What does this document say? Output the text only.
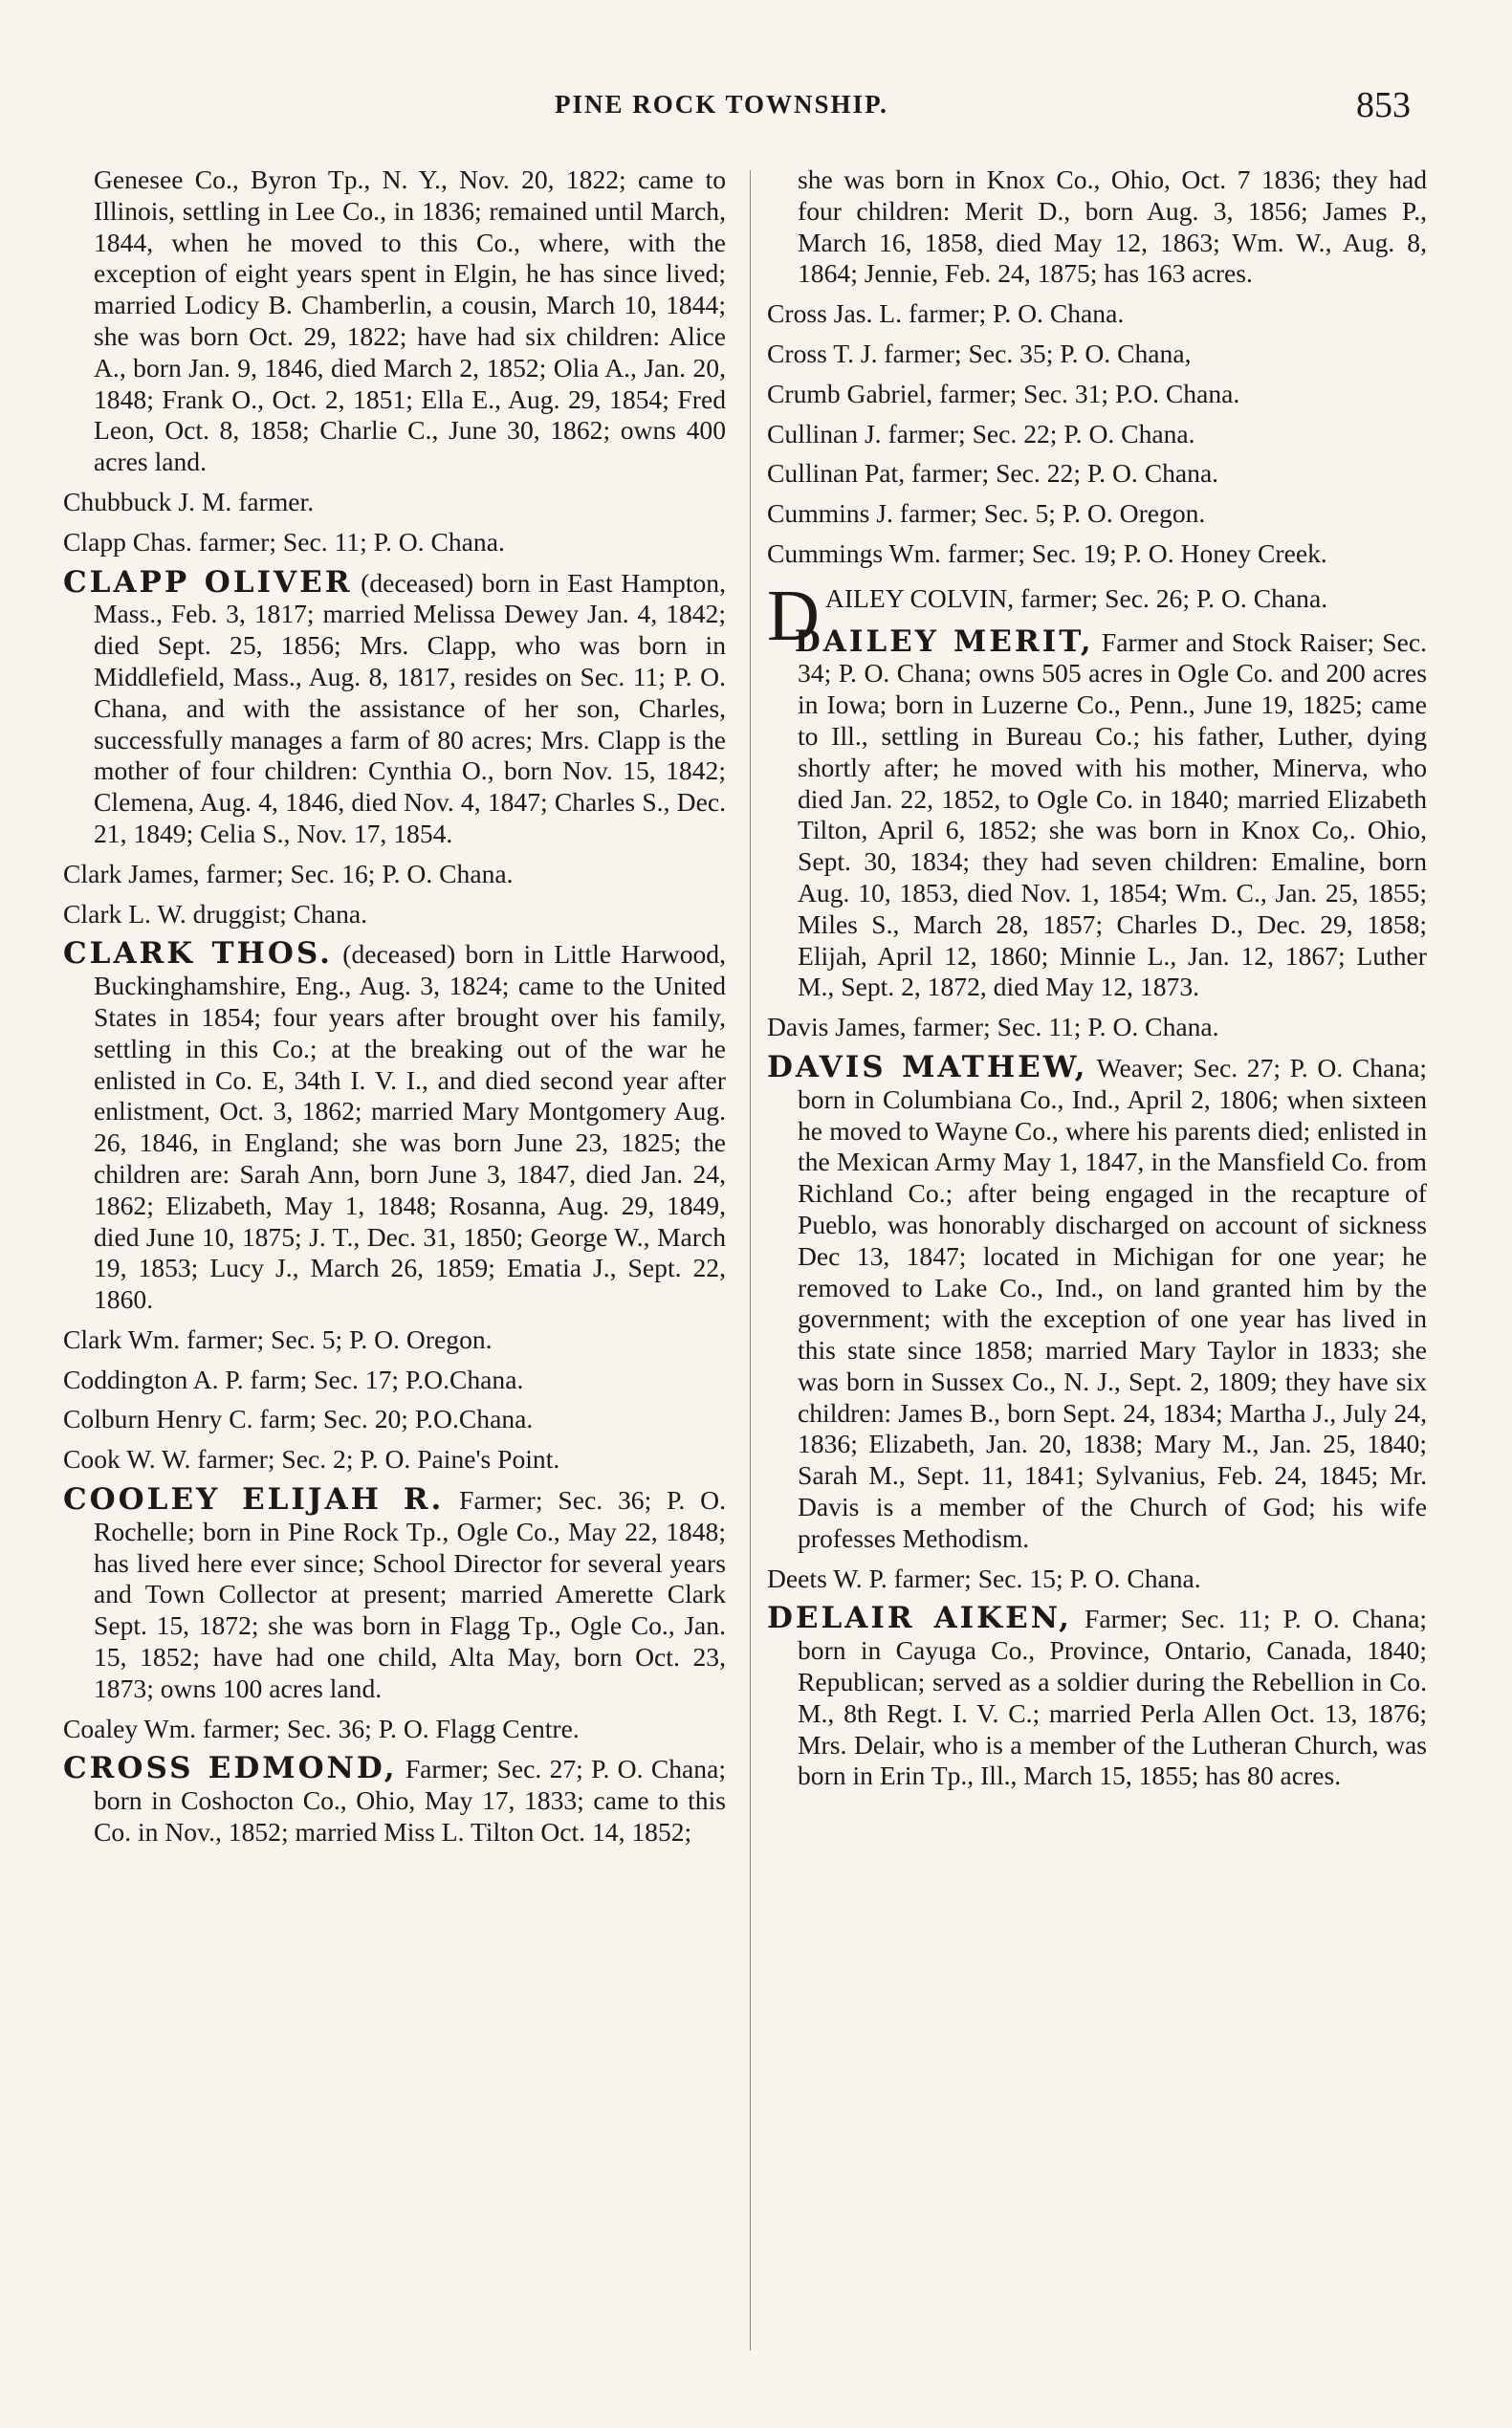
PINE ROCK TOWNSHIP.	853

Genesee Co., Byron Tp., N. Y., Nov. 20, 1822; came to Illinois, settling in Lee Co., in 1836; remained until March, 1844, when he moved to this Co., where, with the exception of eight years spent in Elgin, he has since lived; married Lodicy B. Chamberlin, a cousin, March 10, 1844; she was born Oct. 29, 1822; have had six children: Alice A., born Jan. 9, 1846, died March 2, 1852; Olia A., Jan. 20, 1848; Frank O., Oct. 2, 1851; Ella E., Aug. 29, 1854; Fred Leon, Oct. 8, 1858; Charlie C., June 30, 1862; owns 400 acres land.

Chubbuck J. M. farmer.

Clapp Chas. farmer; Sec. 11; P. O. Chana.

CLAPP OLIVER (deceased) born in East Hampton, Mass., Feb. 3, 1817; married Melissa Dewey Jan. 4, 1842; died Sept. 25, 1856; Mrs. Clapp, who was born in Middlefield, Mass., Aug. 8, 1817, resides on Sec. 11; P. O. Chana, and with the assistance of her son, Charles, successfully manages a farm of 80 acres; Mrs. Clapp is the mother of four children: Cynthia O., born Nov. 15, 1842; Clemena, Aug. 4, 1846, died Nov. 4, 1847; Charles S., Dec. 21, 1849; Celia S., Nov. 17, 1854.

Clark James, farmer; Sec. 16; P. O. Chana.

Clark L. W. druggist; Chana.

CLARK THOS. (deceased) born in Little Harwood, Buckinghamshire, Eng., Aug. 3, 1824; came to the United States in 1854; four years after brought over his family, settling in this Co.; at the breaking out of the war he enlisted in Co. E, 34th I. V. I., and died second year after enlistment, Oct. 3, 1862; married Mary Montgomery Aug. 26, 1846, in England; she was born June 23, 1825; the children are: Sarah Ann, born June 3, 1847, died Jan. 24, 1862; Elizabeth, May 1, 1848; Rosanna, Aug. 29, 1849, died June 10, 1875; J. T., Dec. 31, 1850; George W., March 19, 1853; Lucy J., March 26, 1859; Ematia J., Sept. 22, 1860.

Clark Wm. farmer; Sec. 5; P. O. Oregon.

Coddington A. P. farm; Sec. 17; P.O.Chana.

Colburn Henry C. farm; Sec. 20; P.O.Chana.

Cook W. W. farmer; Sec. 2; P. O. Paine's Point.

COOLEY ELIJAH R. Farmer; Sec. 36; P. O. Rochelle; born in Pine Rock Tp., Ogle Co., May 22, 1848; has lived here ever since; School Director for several years and Town Collector at present; married Amerette Clark Sept. 15, 1872; she was born in Flagg Tp., Ogle Co., Jan. 15, 1852; have had one child, Alta May, born Oct. 23, 1873; owns 100 acres land.

Coaley Wm. farmer; Sec. 36; P. O. Flagg Centre.

CROSS EDMOND, Farmer; Sec. 27; P. O. Chana; born in Coshocton Co., Ohio, May 17, 1833; came to this Co. in Nov., 1852; married Miss L. Tilton Oct. 14, 1852;

she was born in Knox Co., Ohio, Oct. 7 1836; they had four children: Merit D., born Aug. 3, 1856; James P., March 16, 1858, died May 12, 1863; Wm. W., Aug. 8, 1864; Jennie, Feb. 24, 1875; has 163 acres.

Cross Jas. L. farmer; P. O. Chana.

Cross T. J. farmer; Sec. 35; P. O. Chana,

Crumb Gabriel, farmer; Sec. 31; P.O. Chana.

Cullinan J. farmer; Sec. 22; P. O. Chana.

Cullinan Pat, farmer; Sec. 22; P. O. Chana.

Cummins J. farmer; Sec. 5; P. O. Oregon.

Cummings Wm. farmer; Sec. 19; P. O. Honey Creek.

DAILEY COLVIN, farmer; Sec. 26; P. O. Chana.

DAILEY MERIT, Farmer and Stock Raiser; Sec. 34; P. O. Chana; owns 505 acres in Ogle Co. and 200 acres in Iowa; born in Luzerne Co., Penn., June 19, 1825; came to Ill., settling in Bureau Co.; his father, Luther, dying shortly after; he moved with his mother, Minerva, who died Jan. 22, 1852, to Ogle Co. in 1840; married Elizabeth Tilton, April 6, 1852; she was born in Knox Co,. Ohio, Sept. 30, 1834; they had seven children: Emaline, born Aug. 10, 1853, died Nov. 1, 1854; Wm. C., Jan. 25, 1855; Miles S., March 28, 1857; Charles D., Dec. 29, 1858; Elijah, April 12, 1860; Minnie L., Jan. 12, 1867; Luther M., Sept. 2, 1872, died May 12, 1873.

Davis James, farmer; Sec. 11; P. O. Chana.

DAVIS MATHEW, Weaver; Sec. 27; P. O. Chana; born in Columbiana Co., Ind., April 2, 1806; when sixteen he moved to Wayne Co., where his parents died; enlisted in the Mexican Army May 1, 1847, in the Mansfield Co. from Richland Co.; after being engaged in the recapture of Pueblo, was honorably discharged on account of sickness Dec 13, 1847; located in Michigan for one year; he removed to Lake Co., Ind., on land granted him by the government; with the exception of one year has lived in this state since 1858; married Mary Taylor in 1833; she was born in Sussex Co., N. J., Sept. 2, 1809; they have six children: James B., born Sept. 24, 1834; Martha J., July 24, 1836; Elizabeth, Jan. 20, 1838; Mary M., Jan. 25, 1840; Sarah M., Sept. 11, 1841; Sylvanius, Feb. 24, 1845; Mr. Davis is a member of the Church of God; his wife professes Methodism.

Deets W. P. farmer; Sec. 15; P. O. Chana.

DELAIR AIKEN, Farmer; Sec. 11; P. O. Chana; born in Cayuga Co., Province, Ontario, Canada, 1840; Republican; served as a soldier during the Rebellion in Co. M., 8th Regt. I. V. C.; married Perla Allen Oct. 13, 1876; Mrs. Delair, who is a member of the Lutheran Church, was born in Erin Tp., Ill., March 15, 1855; has 80 acres.
